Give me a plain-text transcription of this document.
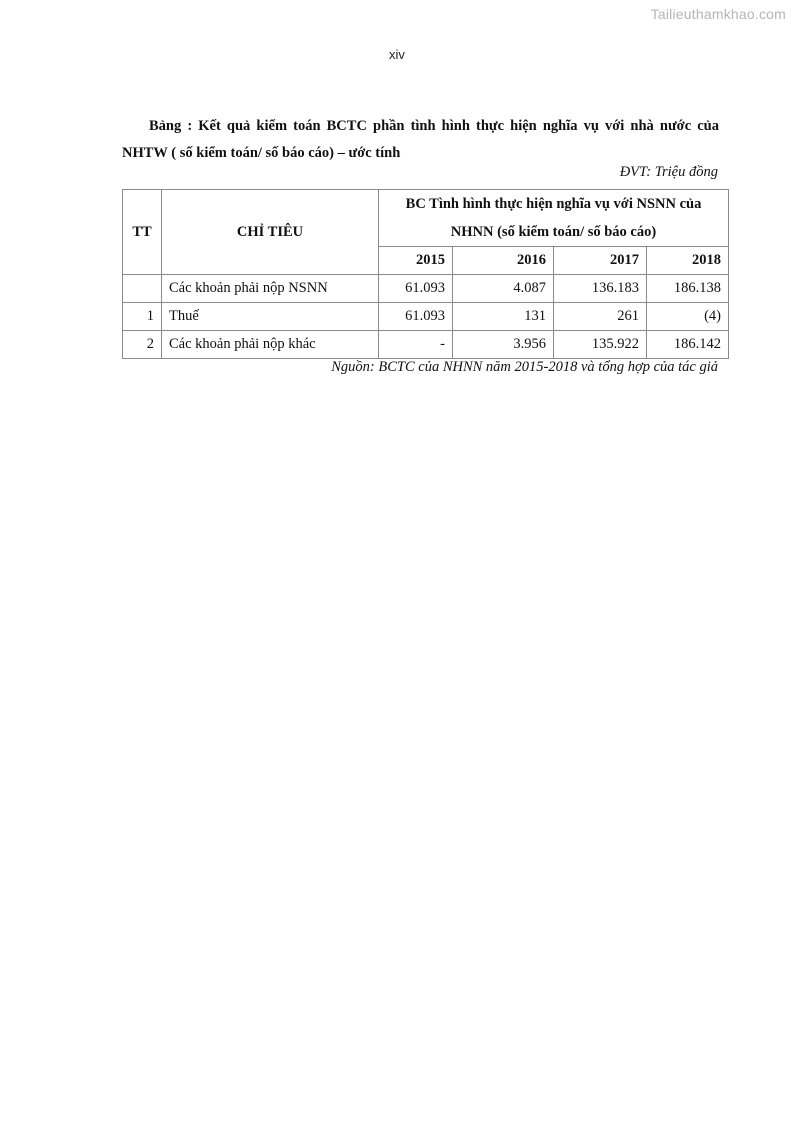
Tailieuthamkhao.com
xiv
Bảng : Kết quả kiểm toán BCTC phần tình hình thực hiện nghĩa vụ với nhà nước của
NHTW ( số kiểm toán/ số báo cáo) – ước tính
ĐVT: Triệu đồng
TT	CHỈ TIÊU	BC Tình hình thực hiện nghĩa vụ với NSNN của NHNN (số kiểm toán/ số báo cáo)			
		2015	2016	2017	2018
	Các khoản phải nộp NSNN	61.093	4.087	136.183	186.138
1	Thuế	61.093	131	261	(4)
2	Các khoản phải nộp khác	-	3.956	135.922	186.142
Nguồn: BCTC của NHNN năm 2015-2018 và tổng hợp của tác giả
